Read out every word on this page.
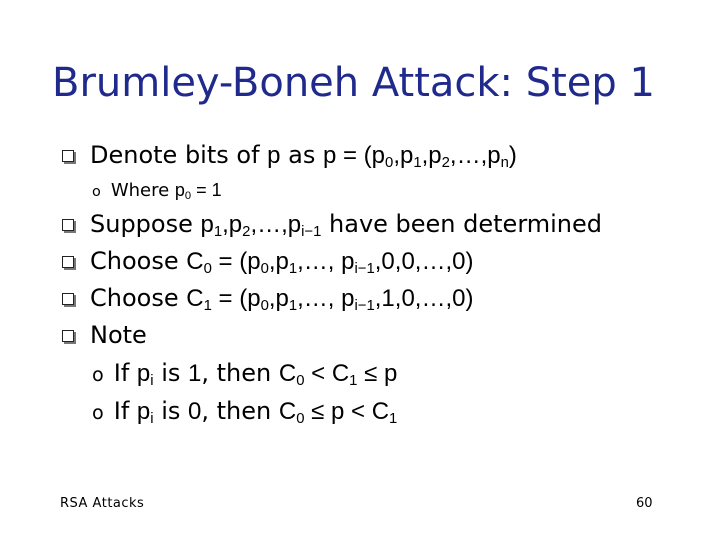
Brumley-Boneh Attack: Step 1
Denote bits of p as $p = (p_0,p_1,p_2,\dots,p_n)$
o Where $p_0 = 1$
Suppose $p_1,p_2,\dots,p_{i-1}$ have been determined
Choose $C_0$ = ($p_0,p_1,\dots$, $p_{i-1},0,0,\dots,0$)
Choose $C_1$ = ($p_0,p_1,\dots$, $p_{i-1},1,0,\dots,0$)
Note
o If $p_i$ is 1, then $C_0 < C_1 \le p$
o If $p_i$ is 0, then $C_0 \le p < C_1$
RSA Attacks	60
